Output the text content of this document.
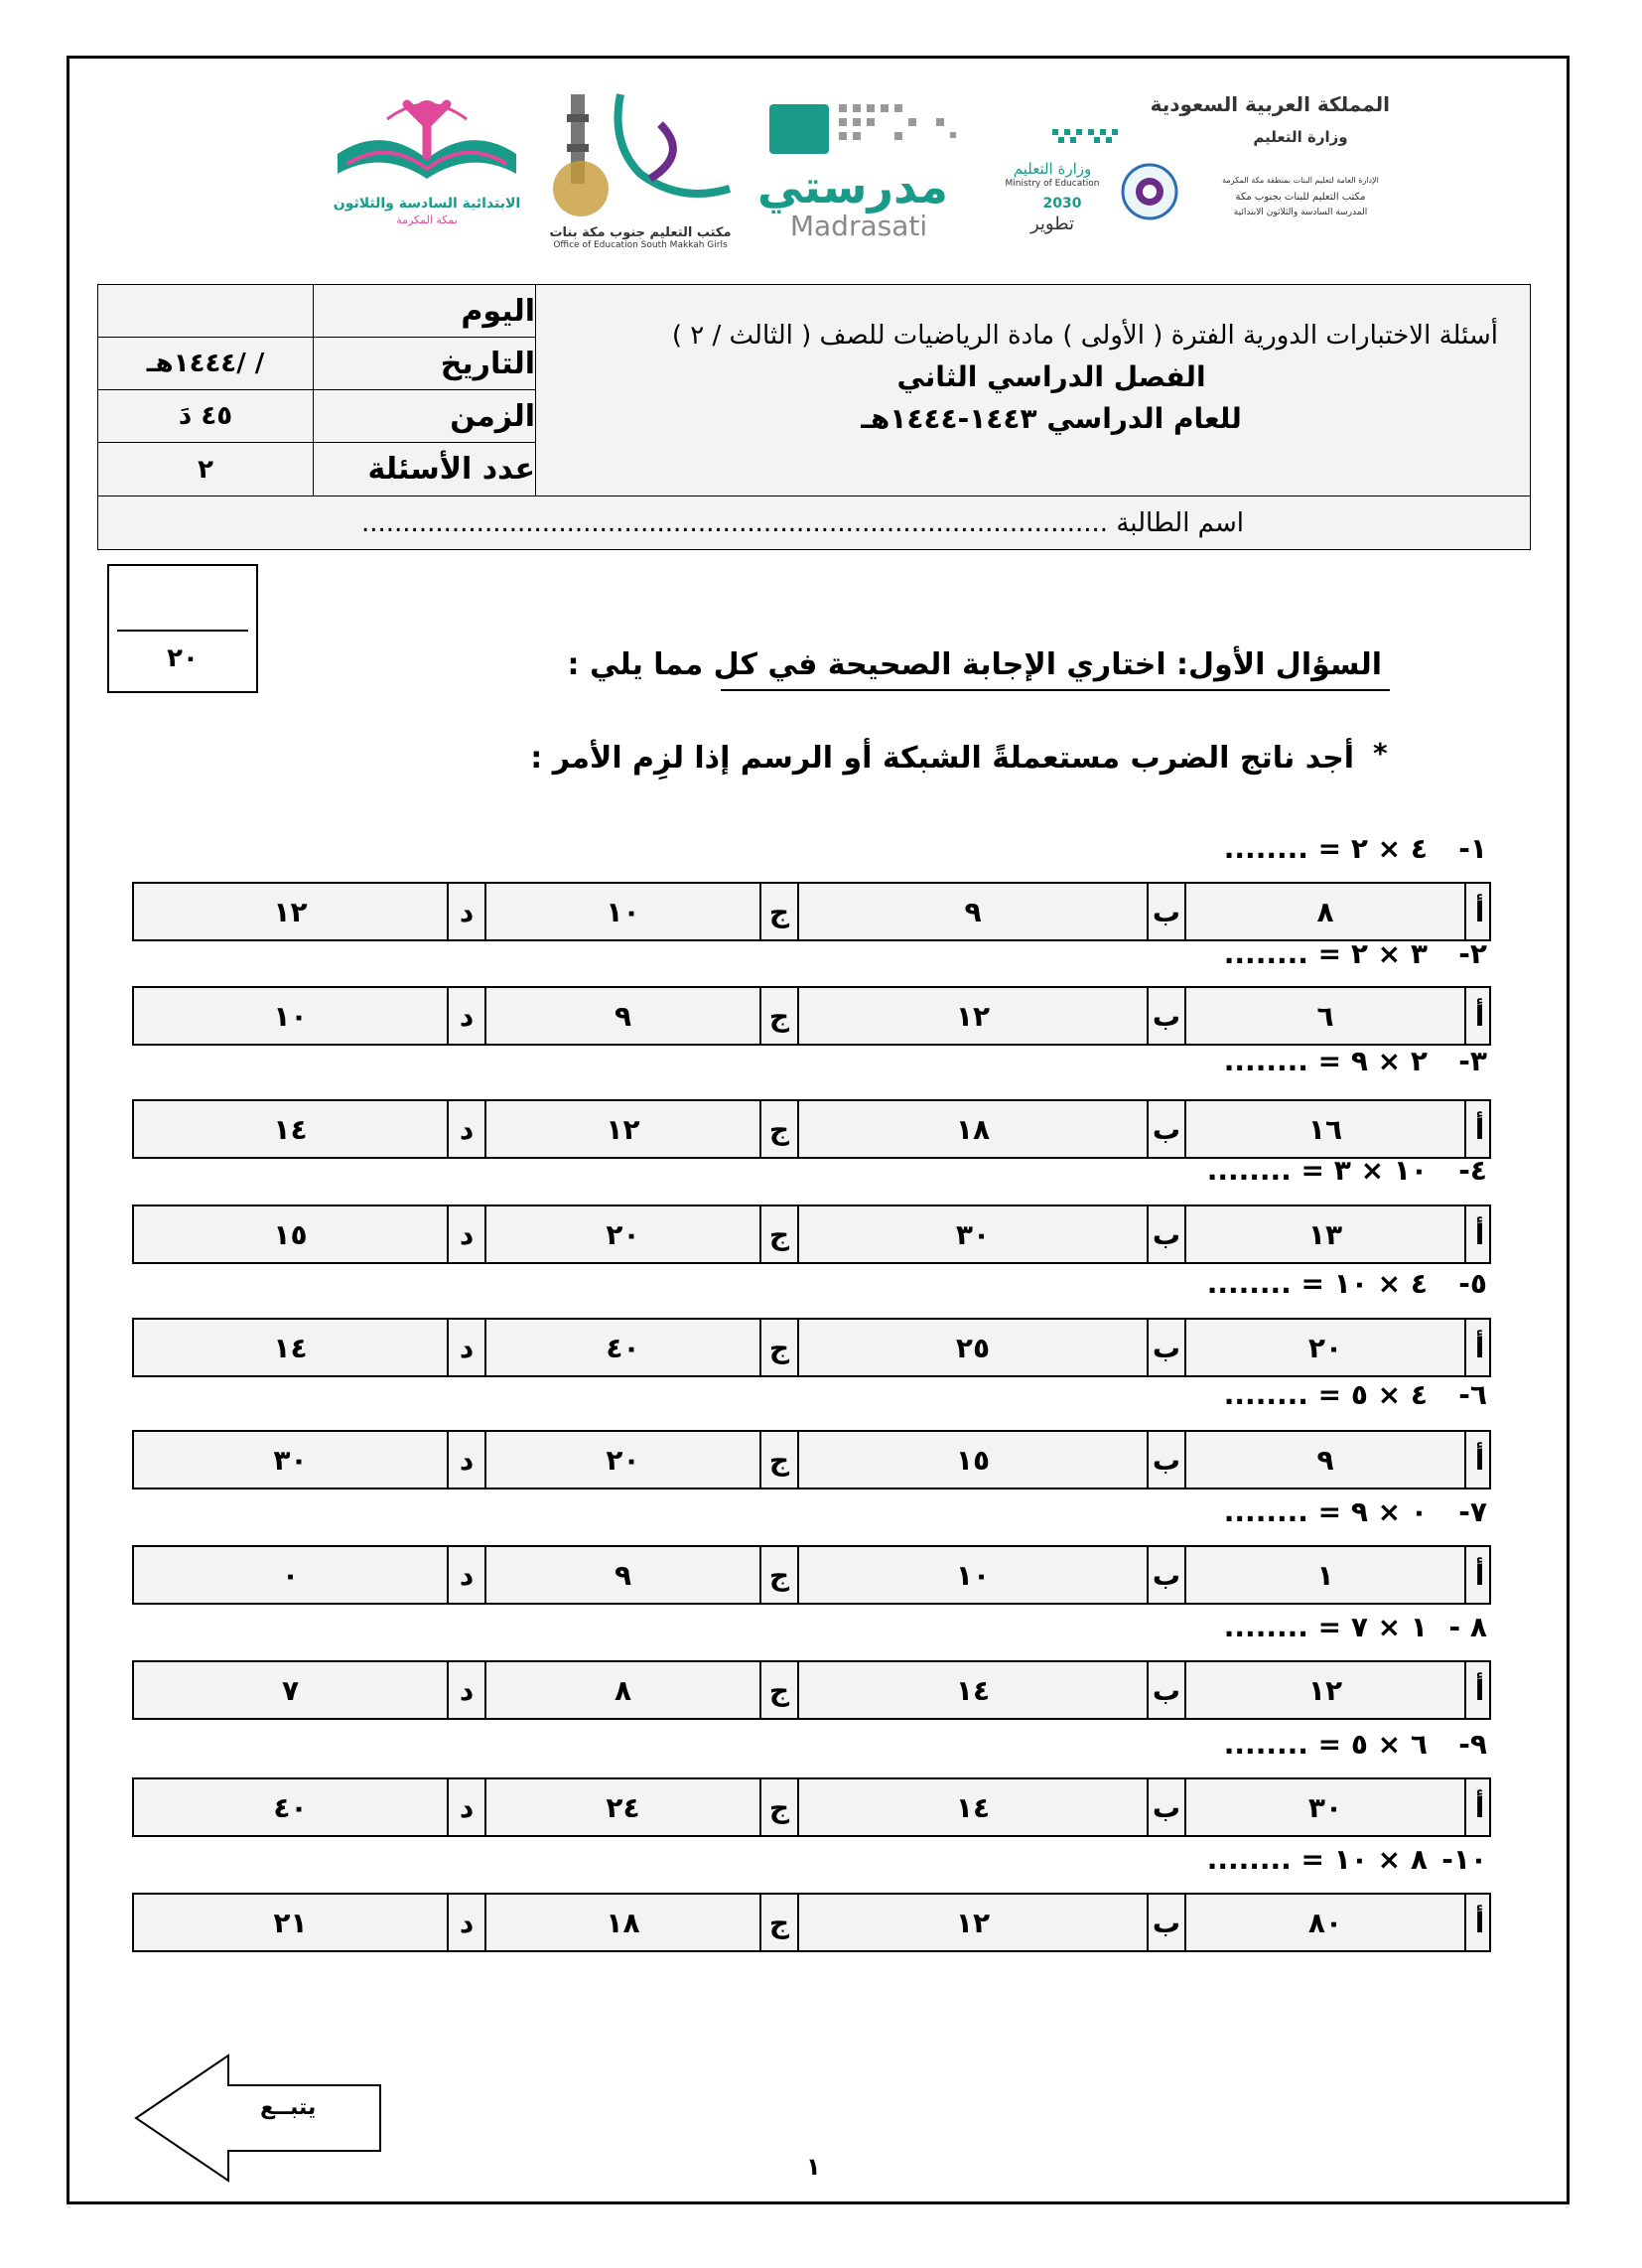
الابتدائية السادسة والثلاثون
بمكة المكرمة
مكتب التعليم جنوب مكة بنات
Office of Education South Makkah Girls
مدرستي
Madrasati
وزارة التعليم
Ministry of Education
2030
تطوير
المملكة العربية السعودية
وزارة التعليم
الإدارة العامة لتعليم البنات بمنطقة مكة المكرمة
مكتب التعليم للبنات بجنوب مكة
المدرسة السادسة والثلاثون الابتدائية
اليوم
/ /١٤٤٤هـ	التاريخ
٤٥ دَ	الزمن
٢	عدد الأسئلة
أسئلة الاختبارات الدورية الفترة ( الأولى ) مادة الرياضيات للصف ( الثالث / ٢ )
الفصل الدراسي الثاني
للعام الدراسي ١٤٤٣-١٤٤٤هـ
اسم الطالبة ...........................................................................................
٢٠	السؤال الأول: اختاري الإجابة الصحيحة في كل مما يلي :
*
أجد ناتج الضرب مستعملةً الشبكة أو الرسم إذا لزِم الأمر :
١-٤ × ٢ = ........
١٢	د	١٠	ج	٩	ب	٨	أ
٢-٣ × ٢ = ........
١٠	د	٩	ج	١٢	ب	٦	أ
٣-٢ × ٩ = ........
١٤	د	١٢	ج	١٨	ب	١٦	أ
٤-١٠ × ٣ = ........
١٥	د	٢٠	ج	٣٠	ب	١٣	أ
٥-٤ × ١٠ = ........
١٤	د	٤٠	ج	٢٥	ب	٢٠	أ
٦-٤ × ٥ = ........
٣٠	د	٢٠	ج	١٥	ب	٩	أ
٧-٠ × ٩ = ........
٠	د	٩	ج	١٠	ب	١	أ
٨ -١ × ٧ = ........
٧	د	٨	ج	١٤	ب	١٢	أ
٩-٦ × ٥ = ........
٤٠	د	٢٤	ج	١٤	ب	٣٠	أ
١٠-٨ × ١٠ = ........
٢١	د	١٨	ج	١٢	ب	٨٠	أ
يتبــع
١
